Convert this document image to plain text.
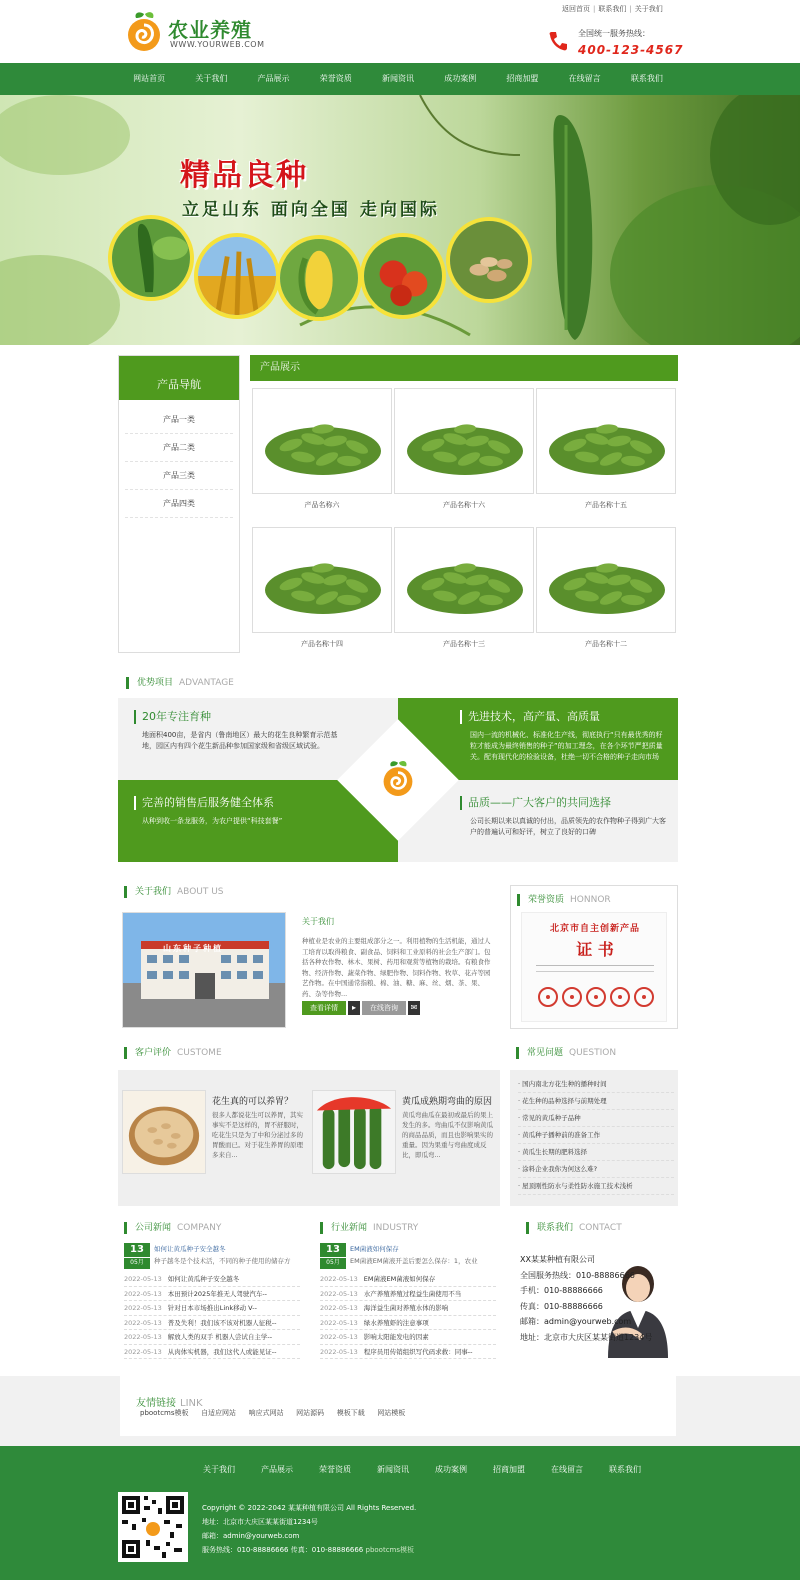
农业养殖
WWW.YOURWEB.COM
返回首页 | 联系我们 | 关于我们
全国统一服务热线：
400-123-4567
网站首页	关于我们	产品展示	荣誉资质	新闻资讯	成功案例	招商加盟	在线留言	联系我们
精品良种
立足山东 面向全国 走向国际
产品导航
产品一类
产品二类
产品三类
产品四类
产品展示
产品名称六	产品名称十六	产品名称十五
产品名称十四	产品名称十三	产品名称十二
优势项目 ADVANTAGE
20年专注育种
地面积400亩，是省内（鲁南地区）最大的花生良种繁育示范基地，园区内有四个花生新品种参加国家级和省级区域试验。
先进技术，高产量、高质量
国内一流的机械化、标准化生产线，彻底执行“只有最优秀的籽粒才能成为最终销售的种子”的加工理念，在各个环节严把质量关。配有现代化的检验设备，杜绝一切不合格的种子走向市场
完善的销售后服务健全体系
从种到收一条龙服务，为农户提供“科技套餐”
品质——广大客户的共同选择
公司长期以来以真诚的付出，品质领先的农作物种子得到广大客户的普遍认可和好评，树立了良好的口碑
关于我们 ABOUT US
山东种子种植
关于我们
种植业是农业的主要组成部分之一。利用植物的生活机能，通过人工培育以取得粮食、副食品、饲料和工业原料的社会生产部门。包括各种农作物、林木、果树、药用和观赏等植物的栽培。有粮食作物、经济作物、蔬菜作物、绿肥作物、饲料作物、牧草、花卉等园艺作物。在中国通常指粮、棉、油、糖、麻、丝、烟、茶、果、药、杂等作物...
查看详情	▸	在线咨询	✉
荣誉资质 HONNOR
北京市自主创新产品
证 书
客户评价 CUSTOME
花生真的可以养胃？
很多人都说花生可以养胃，其实事实不是这样的，胃不舒服时，吃花生只是为了中和分泌过多的胃酸而已。对于花生养胃的原理多来自...
黄瓜成熟期弯曲的原因
黄瓜弯曲瓜在最初或最后的果上发生的多。弯曲瓜不仅影响黄瓜的商品品质，而且也影响果实的重量。因为果重与弯曲度成反比，即瓜弯...
常见问题 QUESTION
· 国内南北方花生种的播种时间
· 花生种的品种选择与前期处理
· 常见的黄瓜种子品种
· 黄瓜种子播种前的准备工作
· 黄瓜生长期的肥料选择
· 涂料企业我你为何这么难?
· 屋顶刚性防水与柔性防水施工技术浅析
公司新闻 COMPANY
13
05月
如何让黄瓜种子安全越冬
种子越冬是个技术活，不同的种子使用的储存方
2022-05-13 如何让黄瓜种子安全越冬
2022-05-13 本田预计2025年推无人驾驶汽车--
2022-05-13 针对日本市场推出Link移动 V--
2022-05-13 普及失利！我们该不该对机器人征税--
2022-05-13 解放人类的双手 机器人尝试自主学--
2022-05-13 从肉体实机器，我们这代人或能见证--
行业新闻 INDUSTRY
13
05月
EM菌液如何保存
EM菌液EM菌液开盖后要怎么保存：1，农业
2022-05-13 EM菌液EM菌液如何保存
2022-05-13 水产养殖养殖过程益生菌使用不当
2022-05-13 海洋益生菌对养殖水体的影响
2022-05-13 绿水养殖虾的注意事项
2022-05-13 影响太阳能发电的因素
2022-05-13 程序员用传销组织写代码求救：同事--
联系我们 CONTACT
XX某某种植有限公司
全国服务热线：010-88886666
手机：010-88886666
传真：010-88886666
邮箱：admin@yourweb.com
地址：北京市大庆区某某街道1234号
友情链接 LINK
pbootcms模板 自适应网站 响应式网站 网站源码 模板下载 网站模板
关于我们	产品展示	荣誉资质	新闻资讯	成功案例	招商加盟	在线留言	联系我们
Copyright © 2022-2042 某某种植有限公司 All Rights Reserved.
地址：北京市大庆区某某街道1234号
邮箱：admin@yourweb.com
服务热线：010-88886666 传真：010-88886666 pbootcms模板
